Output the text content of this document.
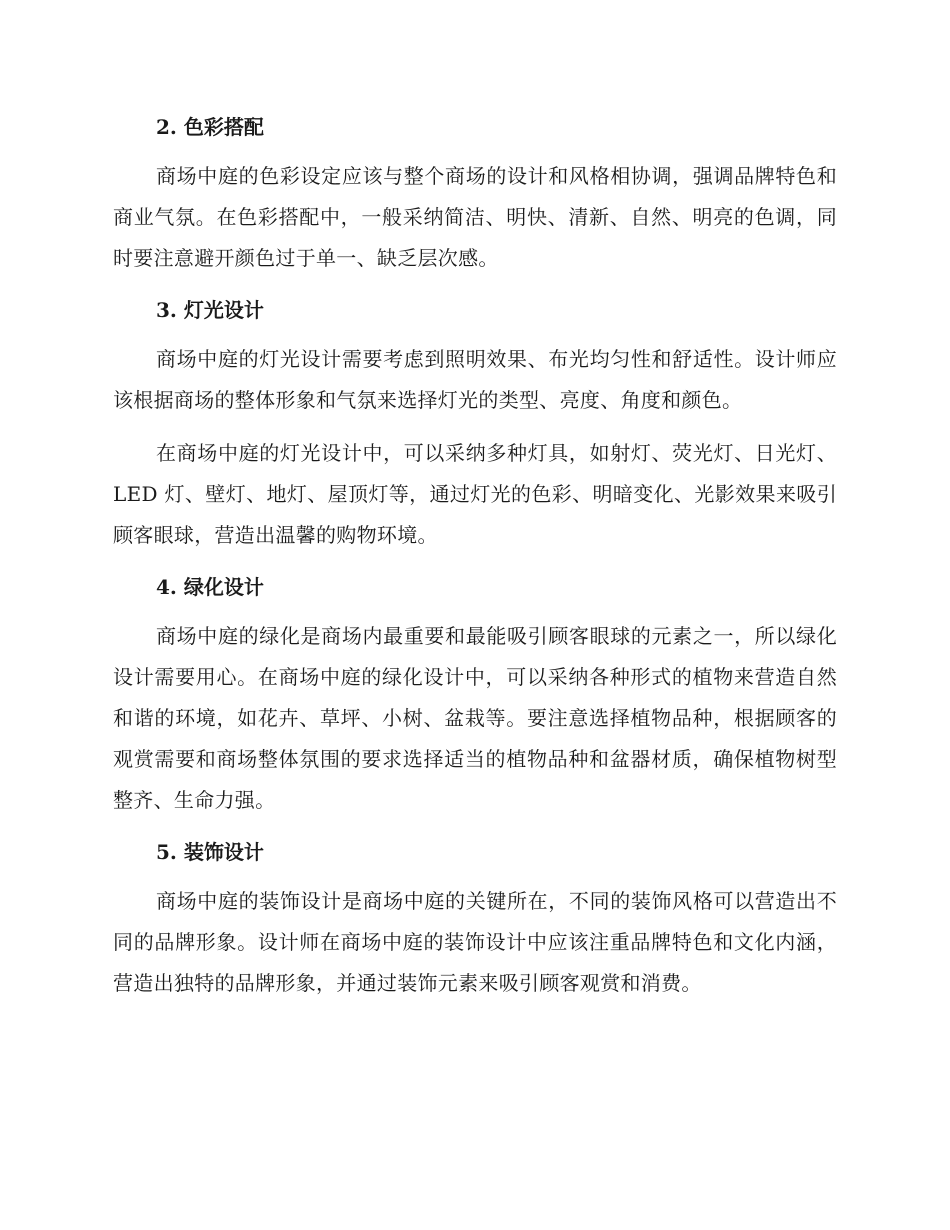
2. 色彩搭配

商场中庭的色彩设定应该与整个商场的设计和风格相协调，强调品牌特色和商业气氛。在色彩搭配中，一般采纳简洁、明快、清新、自然、明亮的色调，同时要注意避开颜色过于单一、缺乏层次感。

3. 灯光设计

商场中庭的灯光设计需要考虑到照明效果、布光均匀性和舒适性。设计师应该根据商场的整体形象和气氛来选择灯光的类型、亮度、角度和颜色。

在商场中庭的灯光设计中，可以采纳多种灯具，如射灯、荧光灯、日光灯、LED 灯、壁灯、地灯、屋顶灯等，通过灯光的色彩、明暗变化、光影效果来吸引顾客眼球，营造出温馨的购物环境。

4. 绿化设计

商场中庭的绿化是商场内最重要和最能吸引顾客眼球的元素之一，所以绿化设计需要用心。在商场中庭的绿化设计中，可以采纳各种形式的植物来营造自然和谐的环境，如花卉、草坪、小树、盆栽等。要注意选择植物品种，根据顾客的观赏需要和商场整体氛围的要求选择适当的植物品种和盆器材质，确保植物树型整齐、生命力强。

5. 装饰设计

商场中庭的装饰设计是商场中庭的关键所在，不同的装饰风格可以营造出不同的品牌形象。设计师在商场中庭的装饰设计中应该注重品牌特色和文化内涵，营造出独特的品牌形象，并通过装饰元素来吸引顾客观赏和消费。
